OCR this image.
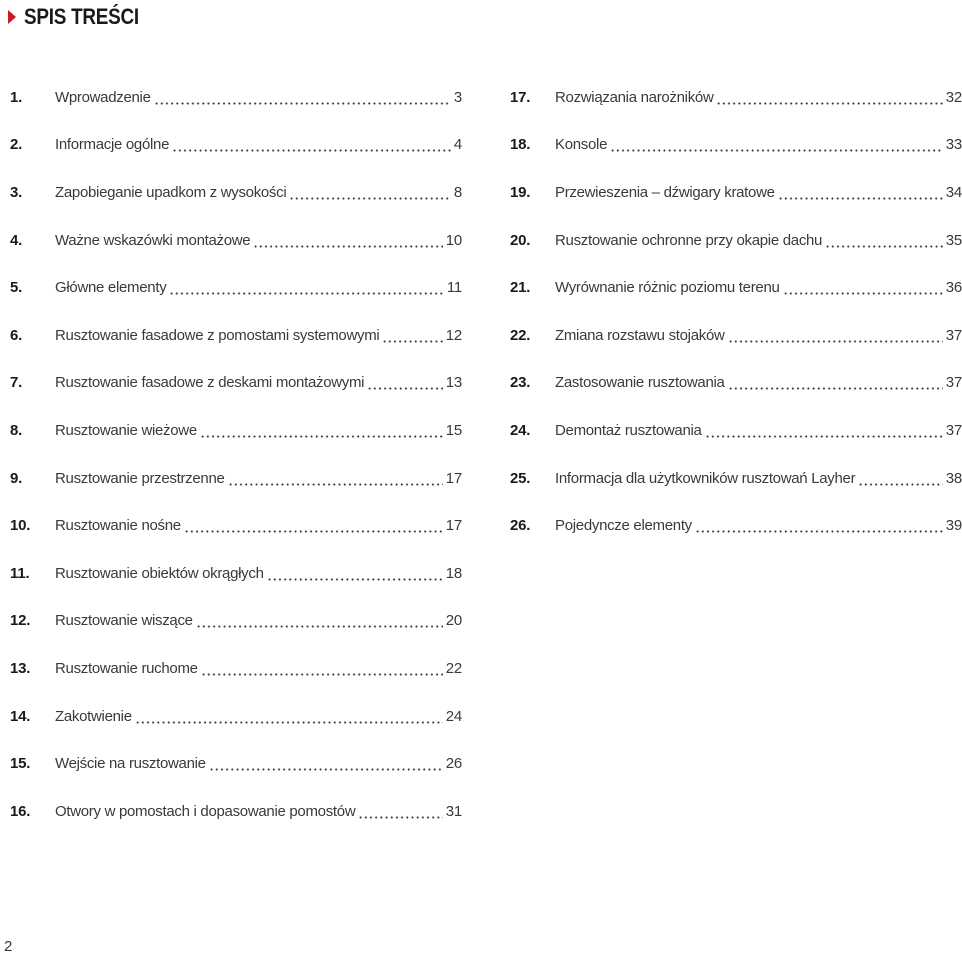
SPIS TREŚCI
1.	Wprowadzenie	3
2.	Informacje ogólne	4
3.	Zapobieganie upadkom z wysokości	8
4.	Ważne wskazówki montażowe	10
5.	Główne elementy	11
6.	Rusztowanie fasadowe z pomostami systemowymi	12
7.	Rusztowanie fasadowe z deskami montażowymi	13
8.	Rusztowanie wieżowe	15
9.	Rusztowanie przestrzenne	17
10.	Rusztowanie nośne	17
11.	Rusztowanie obiektów okrągłych	18
12.	Rusztowanie wiszące	20
13.	Rusztowanie ruchome	22
14.	Zakotwienie	24
15.	Wejście na rusztowanie	26
16.	Otwory w pomostach i dopasowanie pomostów	31
17.	Rozwiązania narożników	32
18.	Konsole	33
19.	Przewieszenia – dźwigary kratowe	34
20.	Rusztowanie ochronne przy okapie dachu	35
21.	Wyrównanie różnic poziomu terenu	36
22.	Zmiana rozstawu stojaków	37
23.	Zastosowanie rusztowania	37
24.	Demontaż rusztowania	37
25.	Informacja dla użytkowników rusztowań Layher	38
26.	Pojedyncze elementy	39
2
